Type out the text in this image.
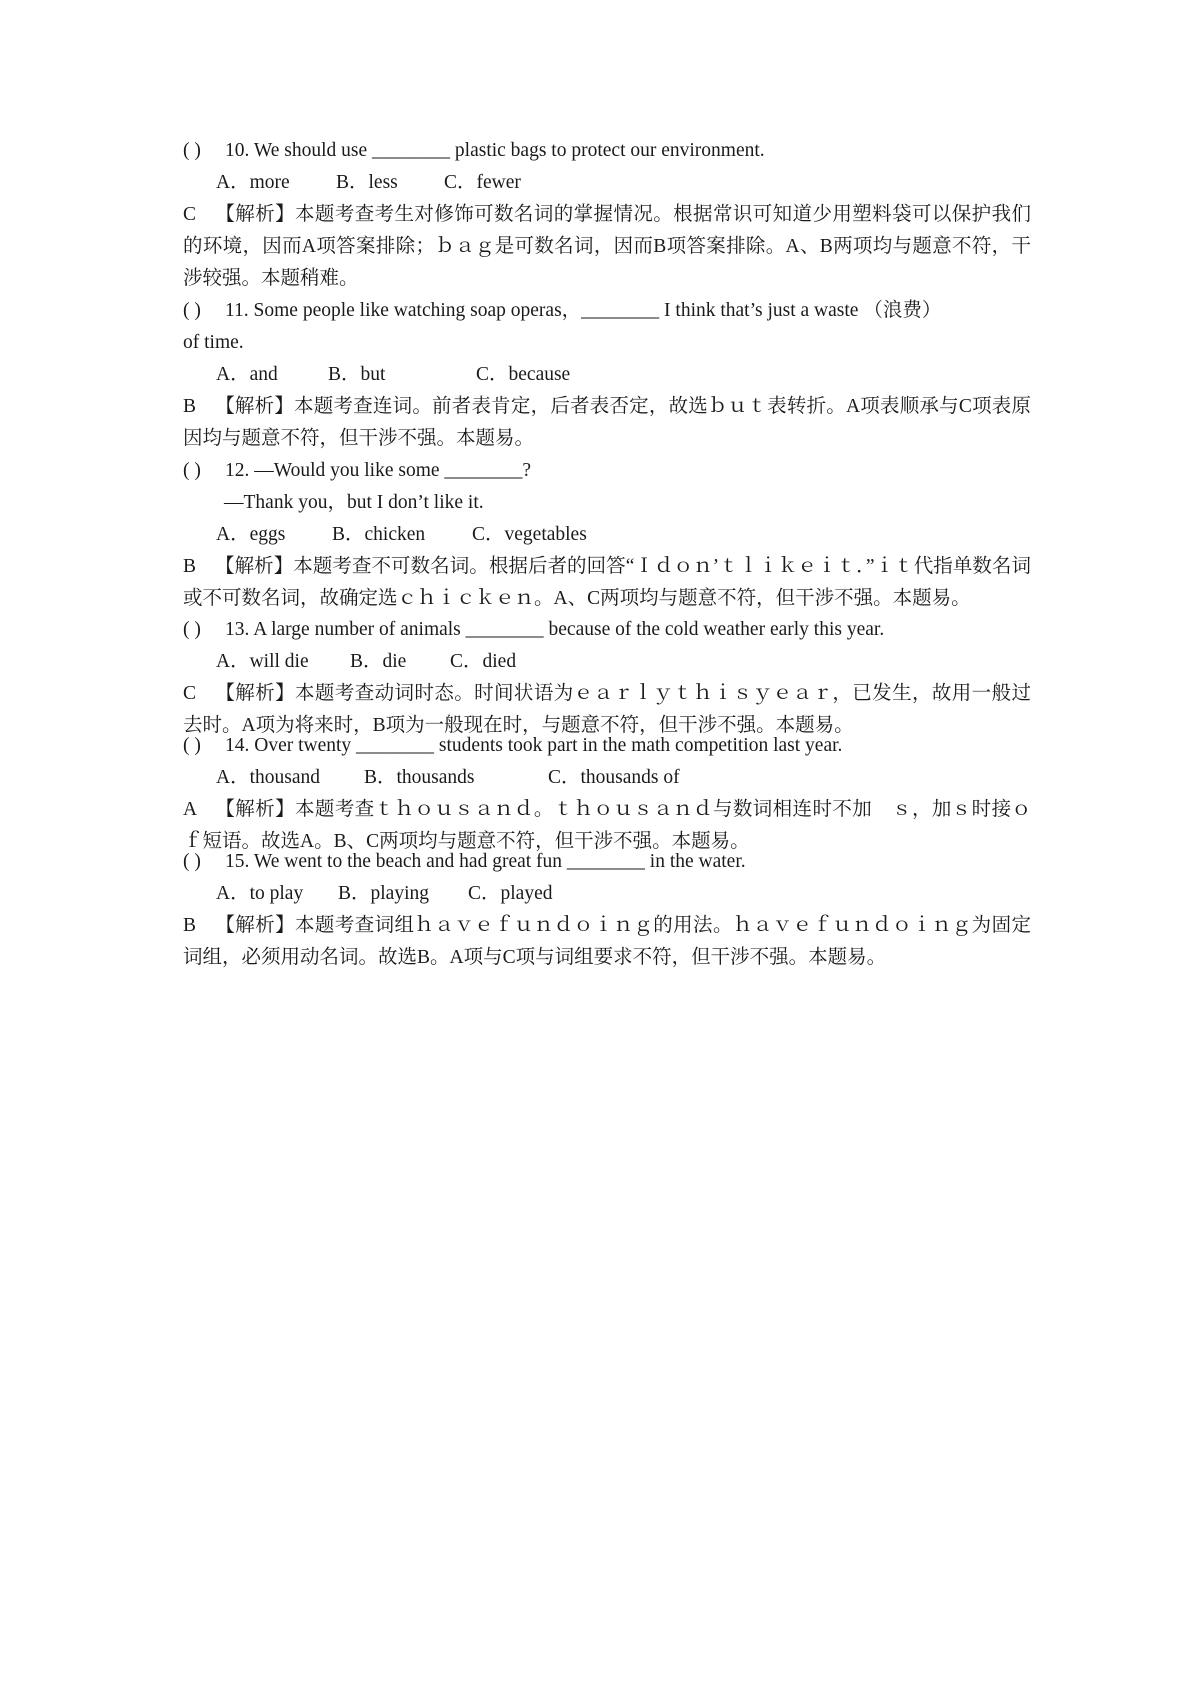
( ) 10. We should use ________ plastic bags to protect our environment.
A．more B．less C．fewer
C 【解析】本题考查考生对修饰可数名词的掌握情况。根据常识可知道少用塑料袋可以保护我们的环境，因而A项答案排除；ｂａｇ是可数名词，因而B项答案排除。A、B两项均与题意不符，干涉较强。本题稍难。
( ) 11. Some people like watching soap operas，________ I think that’s just a waste （浪费）
of time.
A．and	B．but	C．because
B 【解析】本题考查连词。前者表肯定，后者表否定，故选ｂｕｔ表转折。A项表顺承与C项表原因均与题意不符，但干涉不强。本题易。
( ) 12. —Would you like some ________?
—Thank you，but I don’t like it.
A．eggs B．chicken C．vegetables
B 【解析】本题考查不可数名词。根据后者的回答“Ｉｄｏｎ’ｔｌｉｋｅｉｔ．”ｉｔ代指单数名词或不可数名词，故确定选ｃｈｉｃｋｅｎ。A、C两项均与题意不符，但干涉不强。本题易。
( ) 13. A large number of animals ________ because of the cold weather early this year.
A．will die B．die C．died
C 【解析】本题考查动词时态。时间状语为ｅａｒｌｙｔｈｉｓｙｅａｒ，已发生，故用一般过去时。A项为将来时，B项为一般现在时，与题意不符，但干涉不强。本题易。
( ) 14. Over twenty ________ students took part in the math competition last year.
A．thousand B．thousands	C．thousands of
A 【解析】本题考查ｔｈｏｕｓａｎｄ。ｔｈｏｕｓａｎｄ与数词相连时不加　ｓ，加ｓ时接ｏｆ短语。故选A。B、C两项均与题意不符，但干涉不强。本题易。
( ) 15. We went to the beach and had great fun ________ in the water.
A．to play B．playing C．played
B 【解析】本题考查词组ｈａｖｅｆｕｎｄｏｉｎｇ的用法。ｈａｖｅｆｕｎｄｏｉｎｇ为固定词组，必须用动名词。故选B。A项与C项与词组要求不符，但干涉不强。本题易。
